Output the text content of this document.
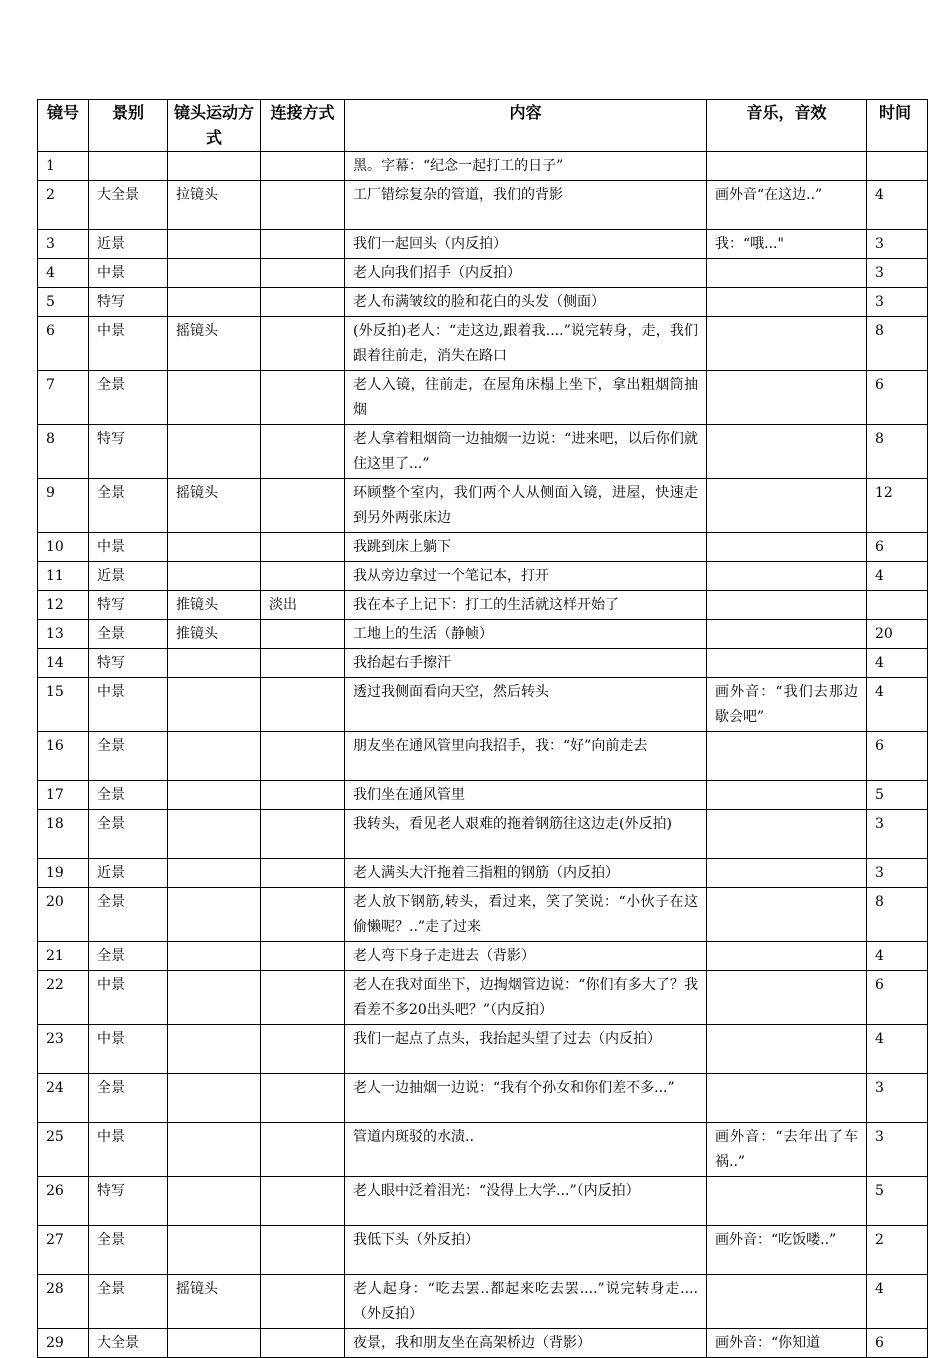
镜号	景别	镜头运动方式	连接方式	内容	音乐，音效	时间
1				黑。字幕：“纪念一起打工的日子”		
2	大全景	拉镜头		工厂错综复杂的管道，我们的背影	画外音“在这边..”	4
3	近景			我们一起回头（内反拍）	我：“哦..."	3
4	中景			老人向我们招手（内反拍）		3
5	特写			老人布满皱纹的脸和花白的头发（侧面）		3
6	中景	摇镜头		(外反拍)老人：“走这边,跟着我....”说完转身，走，我们跟着往前走，消失在路口		8
7	全景			老人入镜，往前走，在屋角床榻上坐下，拿出粗烟筒抽烟		6
8	特写			老人拿着粗烟筒一边抽烟一边说：“进来吧，以后你们就住这里了...”		8
9	全景	摇镜头		环顾整个室内，我们两个人从侧面入镜，进屋，快速走到另外两张床边		12
10	中景			我跳到床上躺下		6
11	近景			我从旁边拿过一个笔记本，打开		4
12	特写	推镜头	淡出	我在本子上记下：打工的生活就这样开始了		
13	全景	推镜头		工地上的生活（静帧）		20
14	特写			我抬起右手擦汗		4
15	中景			透过我侧面看向天空，然后转头	画外音：“我们去那边歇会吧”	4
16	全景			朋友坐在通风管里向我招手，我：“好”向前走去		6
17	全景			我们坐在通风管里		5
18	全景			我转头，看见老人艰难的拖着钢筋往这边走(外反拍)		3
19	近景			老人满头大汗拖着三指粗的钢筋（内反拍）		3
20	全景			老人放下钢筋,转头，看过来，笑了笑说：“小伙子在这偷懒呢？..”走了过来		8
21	全景			老人弯下身子走进去（背影）		4
22	中景			老人在我对面坐下，边掏烟管边说：“你们有多大了？我看差不多20出头吧？”（内反拍）		6
23	中景			我们一起点了点头，我抬起头望了过去（内反拍）		4
24	全景			老人一边抽烟一边说：“我有个孙女和你们差不多...”		3
25	中景			管道内斑驳的水渍..	画外音：“去年出了车祸..”	3
26	特写			老人眼中泛着泪光：“没得上大学...”（内反拍）		5
27	全景			我低下头（外反拍）	画外音：“吃饭喽..”	2
28	全景	摇镜头		老人起身：“吃去罢..都起来吃去罢....”说完转身走....（外反拍）		4
29	大全景			夜景，我和朋友坐在高架桥边（背影）	画外音：“你知道	6
